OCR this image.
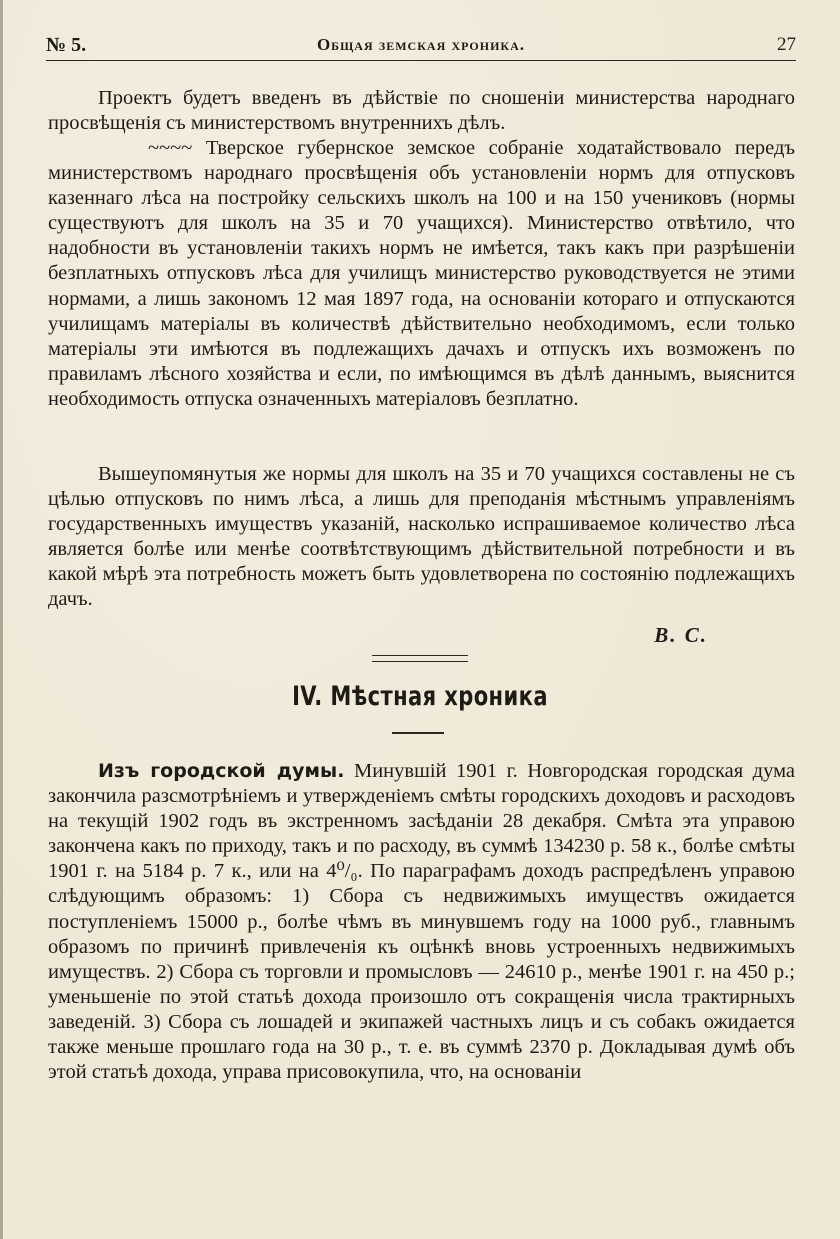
№ 5.	Общая земская хроника.	27

Проектъ будетъ введенъ въ дѣйствіе по сношеніи министерства народнаго просвѣщенія съ министерствомъ внутреннихъ дѣлъ.

~~~~ Тверское губернское земское собраніе ходатайствовало передъ министерствомъ народнаго просвѣщенія объ установленіи нормъ для отпусковъ казеннаго лѣса на постройку сельскихъ школъ на 100 и на 150 учениковъ (нормы существуютъ для школъ на 35 и 70 учащихся). Министерство отвѣтило, что надобности въ установленіи такихъ нормъ не имѣется, такъ какъ при разрѣшеніи безплатныхъ отпусковъ лѣса для училищъ министерство руководствуется не этими нормами, а лишь закономъ 12 мая 1897 года, на основаніи котораго и отпускаются училищамъ матеріалы въ количествѣ дѣйствительно необходимомъ, если только матеріалы эти имѣются въ подлежащихъ дачахъ и отпускъ ихъ возможенъ по правиламъ лѣсного хозяйства и если, по имѣющимся въ дѣлѣ даннымъ, выяснится необходимость отпуска означенныхъ матеріаловъ безплатно.

Вышеупомянутыя же нормы для школъ на 35 и 70 учащихся составлены не съ цѣлью отпусковъ по нимъ лѣса, а лишь для преподанія мѣстнымъ управленіямъ государственныхъ имуществъ указаній, насколько испрашиваемое количество лѣса является болѣе или менѣе соотвѣтствующимъ дѣйствительной потребности и въ какой мѣрѣ эта потребность можетъ быть удовлетворена по состоянію подлежащихъ дачъ.

В. С.
IV. Мѣстная хроника

Изъ городской думы. Минувшій 1901 г. Новгородская городская дума закончила разсмотрѣніемъ и утвержденіемъ смѣты городскихъ доходовъ и расходовъ на текущій 1902 годъ въ экстренномъ засѣданіи 28 декабря. Смѣта эта управою закончена какъ по приходу, такъ и по расходу, въ суммѣ 134230 р. 58 к., болѣе смѣты 1901 г. на 5184 р. 7 к., или на 4⁰/₀. По параграфамъ доходъ распредѣленъ управою слѣдующимъ образомъ: 1) Сбора съ недвижимыхъ имуществъ ожидается поступленіемъ 15000 р., болѣе чѣмъ въ минувшемъ году на 1000 руб., главнымъ образомъ по причинѣ привлеченія къ оцѣнкѣ вновь устроенныхъ недвижимыхъ имуществъ. 2) Сбора съ торговли и промысловъ — 24610 р., менѣе 1901 г. на 450 р.; уменьшеніе по этой статьѣ дохода произошло отъ сокращенія числа трактирныхъ заведеній. 3) Сбора съ лошадей и экипажей частныхъ лицъ и съ собакъ ожидается также меньше прошлаго года на 30 р., т. е. въ суммѣ 2370 р. Докладывая думѣ объ этой статьѣ дохода, управа присовокупила, что, на основаніи
